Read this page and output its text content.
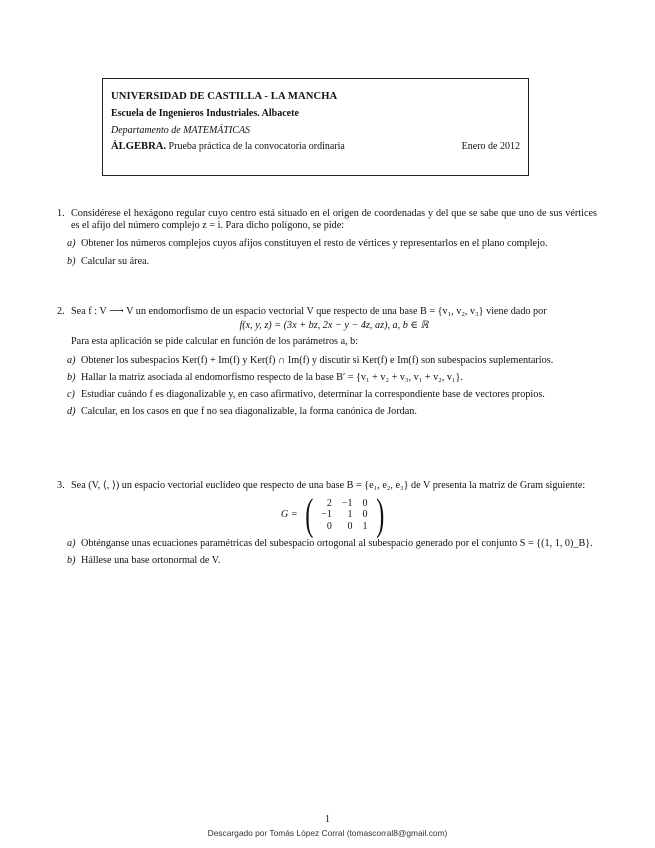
UNIVERSIDAD DE CASTILLA - LA MANCHA
Escuela de Ingenieros Industriales. Albacete
Departamento de MATEMÁTICAS
ÁLGEBRA. Prueba práctica de la convocatoria ordinaria	Enero de 2012
1. Considérese el hexágono regular cuyo centro está situado en el origen de coordenadas y del que se sabe que uno de sus vértices es el afijo del número complejo z = i. Para dicho polígono, se pide:
a) Obtener los números complejos cuyos afijos constituyen el resto de vértices y representarlos en el plano complejo.
b) Calcular su área.
2. Sea f : V ⟶ V un endomorfismo de un espacio vectorial V que respecto de una base B = {v₁, v₂, v₃} viene dado por
f(x, y, z) = (3x + bz, 2x − y − 4z, az), a, b ∈ ℝ
Para esta aplicación se pide calcular en función de los parámetros a, b:
a) Obtener los subespacios Ker(f) + Im(f) y Ker(f) ∩ Im(f) y discutir si Ker(f) e Im(f) son subespacios suplementarios.
b) Hallar la matriz asociada al endomorfismo respecto de la base B′ = {v₁ + v₂ + v₃, v₁ + v₂, v₁}.
c) Estudiar cuándo f es diagonalizable y, en caso afirmativo, determinar la correspondiente base de vectores propios.
d) Calcular, en los casos en que f no sea diagonalizable, la forma canónica de Jordan.
3. Sea (V, ⟨, ⟩) un espacio vectorial euclídeo que respecto de una base B = {e₁, e₂, e₃} de V presenta la matriz de Gram siguiente:
G = ( 2	−1	0
−1	1	0
0	0	1 )
a) Obténganse unas ecuaciones paramétricas del subespacio ortogonal al subespacio generado por el conjunto S = {(1, 1, 0)_B}.
b) Hállese una base ortonormal de V.
1
Descargado por Tomás López Corral (tomascorral8@gmail.com)
